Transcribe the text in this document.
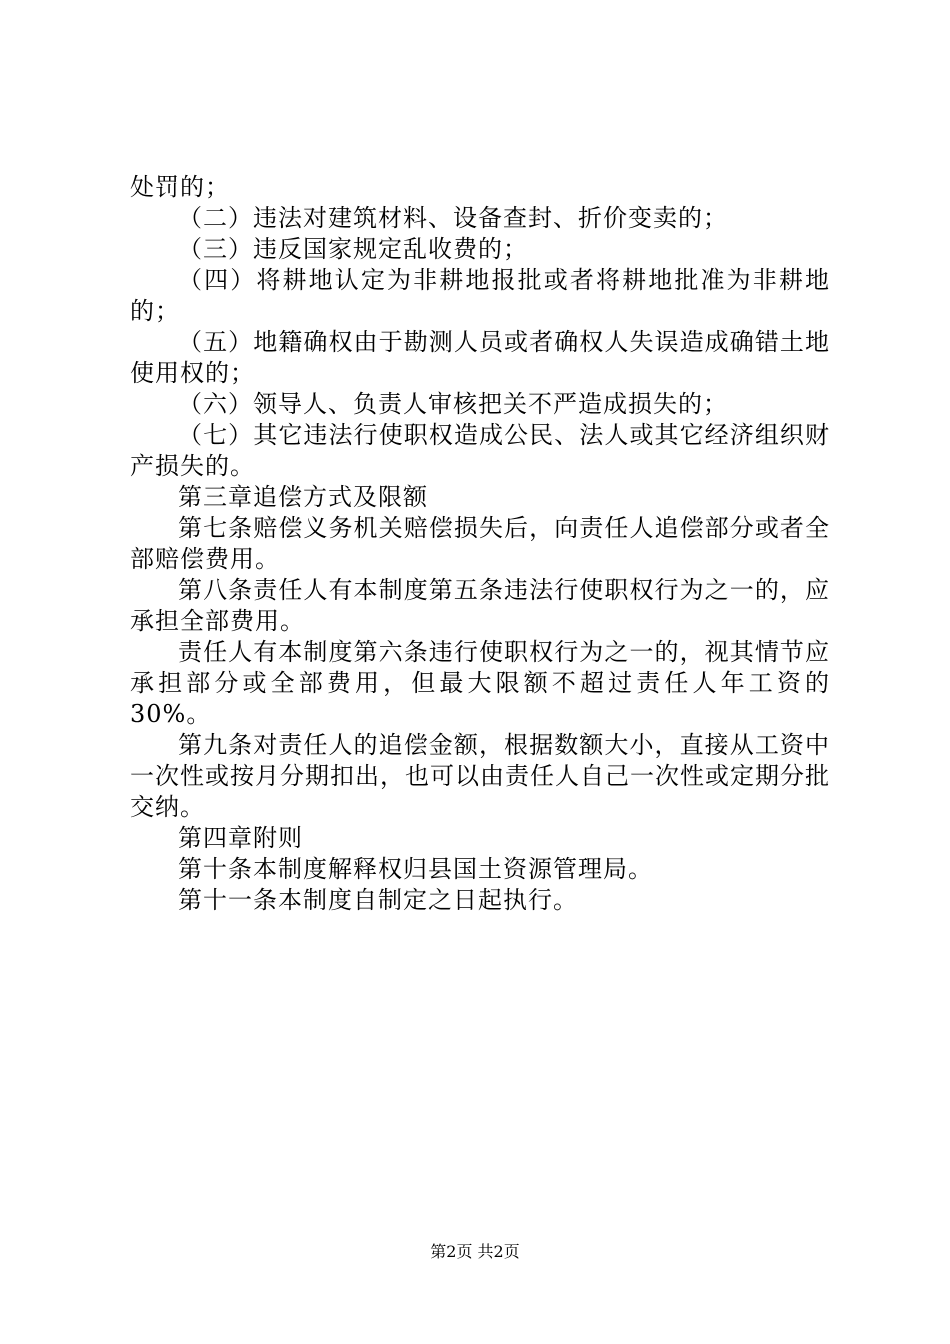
处罚的；

（二）违法对建筑材料、设备查封、折价变卖的；

（三）违反国家规定乱收费的；

（四）将耕地认定为非耕地报批或者将耕地批准为非耕地的；

（五）地籍确权由于勘测人员或者确权人失误造成确错土地使用权的；

（六）领导人、负责人审核把关不严造成损失的；

（七）其它违法行使职权造成公民、法人或其它经济组织财产损失的。

第三章追偿方式及限额

第七条赔偿义务机关赔偿损失后，向责任人追偿部分或者全部赔偿费用。

第八条责任人有本制度第五条违法行使职权行为之一的，应承担全部费用。

责任人有本制度第六条违行使职权行为之一的，视其情节应承担部分或全部费用，但最大限额不超过责任人年工资的30%。

第九条对责任人的追偿金额，根据数额大小，直接从工资中一次性或按月分期扣出，也可以由责任人自己一次性或定期分批交纳。

第四章附则

第十条本制度解释权归县国土资源管理局。

第十一条本制度自制定之日起执行。

第2页 共2页
